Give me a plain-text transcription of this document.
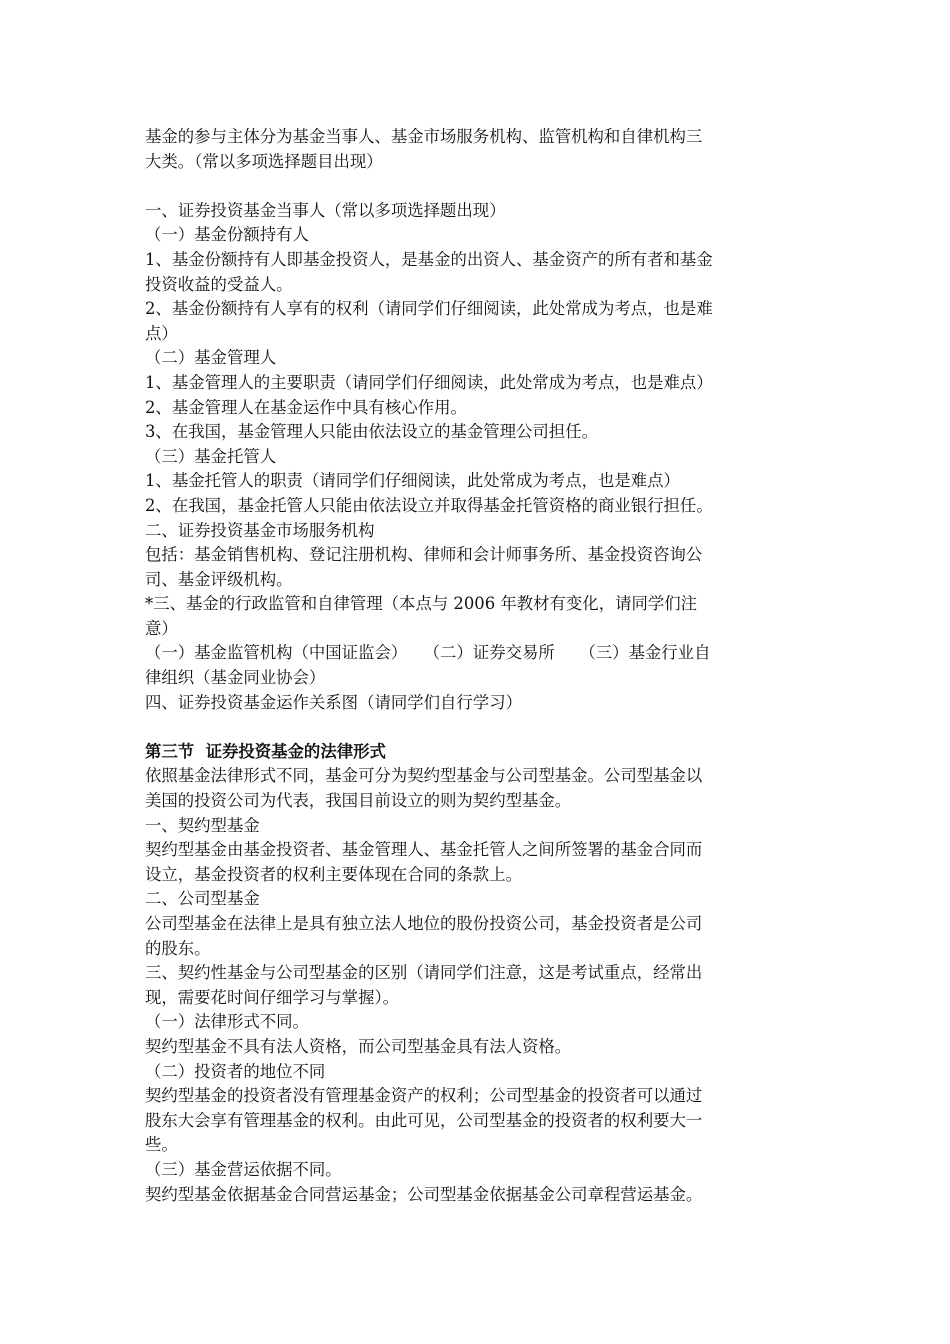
基金的参与主体分为基金当事人、基金市场服务机构、监管机构和自律机构三
大类。（常以多项选择题目出现）
一、证券投资基金当事人（常以多项选择题出现）
（一）基金份额持有人
1、基金份额持有人即基金投资人，是基金的出资人、基金资产的所有者和基金
投资收益的受益人。
2、基金份额持有人享有的权利（请同学们仔细阅读，此处常成为考点，也是难
点）
（二）基金管理人
1、基金管理人的主要职责（请同学们仔细阅读，此处常成为考点，也是难点）
2、基金管理人在基金运作中具有核心作用。
3、在我国，基金管理人只能由依法设立的基金管理公司担任。
（三）基金托管人
1、基金托管人的职责（请同学们仔细阅读，此处常成为考点，也是难点）
2、在我国，基金托管人只能由依法设立并取得基金托管资格的商业银行担任。
二、证券投资基金市场服务机构
包括：基金销售机构、登记注册机构、律师和会计师事务所、基金投资咨询公
司、基金评级机构。
*三、基金的行政监管和自律管理（本点与 2006 年教材有变化，请同学们注
意）
（一）基金监管机构（中国证监会）　　（二）证券交易所　　（三）基金行业自
律组织（基金同业协会）
四、证券投资基金运作关系图（请同学们自行学习）
第三节  证券投资基金的法律形式
依照基金法律形式不同，基金可分为契约型基金与公司型基金。公司型基金以
美国的投资公司为代表，我国目前设立的则为契约型基金。
一、契约型基金
契约型基金由基金投资者、基金管理人、基金托管人之间所签署的基金合同而
设立，基金投资者的权利主要体现在合同的条款上。
二、公司型基金
公司型基金在法律上是具有独立法人地位的股份投资公司，基金投资者是公司
的股东。
三、契约性基金与公司型基金的区别（请同学们注意，这是考试重点，经常出
现，需要花时间仔细学习与掌握）。
（一）法律形式不同。
契约型基金不具有法人资格，而公司型基金具有法人资格。
（二）投资者的地位不同
契约型基金的投资者没有管理基金资产的权利；公司型基金的投资者可以通过
股东大会享有管理基金的权利。由此可见，公司型基金的投资者的权利要大一
些。
（三）基金营运依据不同。
契约型基金依据基金合同营运基金；公司型基金依据基金公司章程营运基金。
